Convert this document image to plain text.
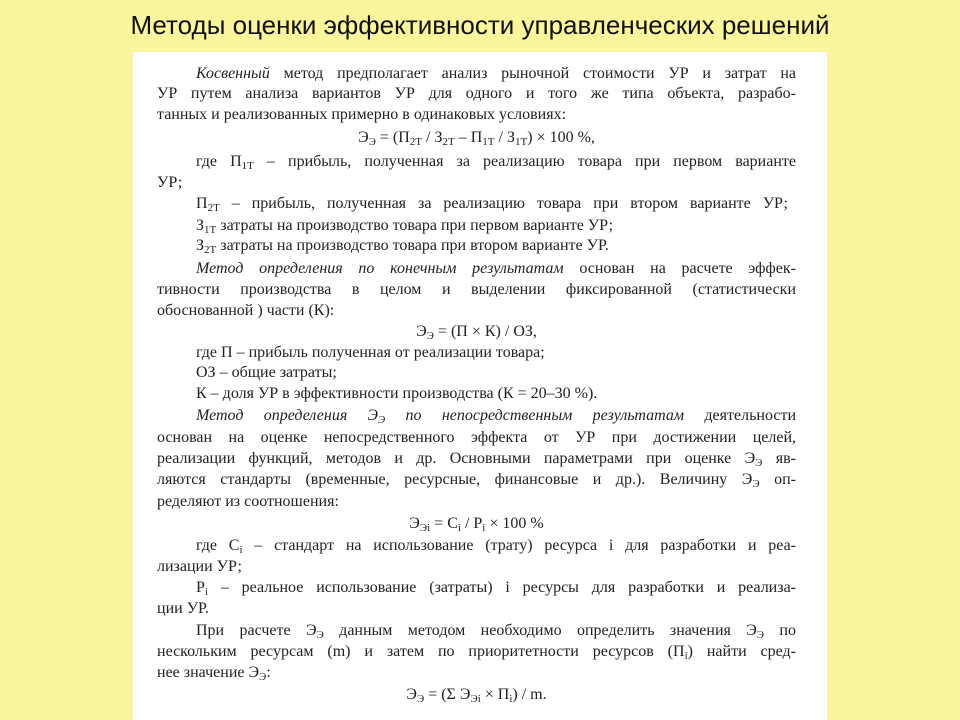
Методы оценки эффективности управленческих решений
Косвенный метод предполагает анализ рыночной стоимости УР и затрат на
УР путем анализа вариантов УР для одного и того же типа объекта, разрабо-
танных и реализованных примерно в одинаковых условиях:
$Э_Э = (П_{2Т} / З_{2Т} - П_{1Т} / З_{1Т}) \times 100$ %,
где $П_{1Т}$ – прибыль, полученная за реализацию товара при первом варианте
УР;
$П_{2Т}$ – прибыль, полученная за реализацию товара при втором варианте УР;
$З_{1Т}$ затраты на производство товара при первом варианте УР;
$З_{2Т}$ затраты на производство товара при втором варианте УР.
Метод определения по конечным результатам основан на расчете эффек-
тивности производства в целом и выделении фиксированной (статистически
обоснованной ) части (К):
$Э_Э = (П \times К)$ / ОЗ,
где П – прибыль полученная от реализации товара;
ОЗ – общие затраты;
К – доля УР в эффективности производства (К = 20–30 %).
Метод определения $Э_Э$ по непосредственным результатам деятельности
основан на оценке непосредственного эффекта от УР при достижении целей,
реализации функций, методов и др. Основными параметрами при оценке $Э_Э$ яв-
ляются стандарты (временные, ресурсные, финансовые и др.). Величину $Э_Э$ оп-
ределяют из соотношения:
$Э_{Эi} = C_i / P_i \times 100$ %
где $С_i$ – стандарт на использование (трату) ресурса i для разработки и реа-
лизации УР;
$Р_i$ – реальное использование (затраты) i ресурсы для разработки и реализа-
ции УР.
При расчете $Э_Э$ данным методом необходимо определить значения $Э_Э$ по
нескольким ресурсам (m) и затем по приоритетности ресурсов $(П_i)$ найти сред-
нее значение $Э_Э$:
$Э_Э = (\Sigma$ $Э_{Эi} \times П_i) / m$.
